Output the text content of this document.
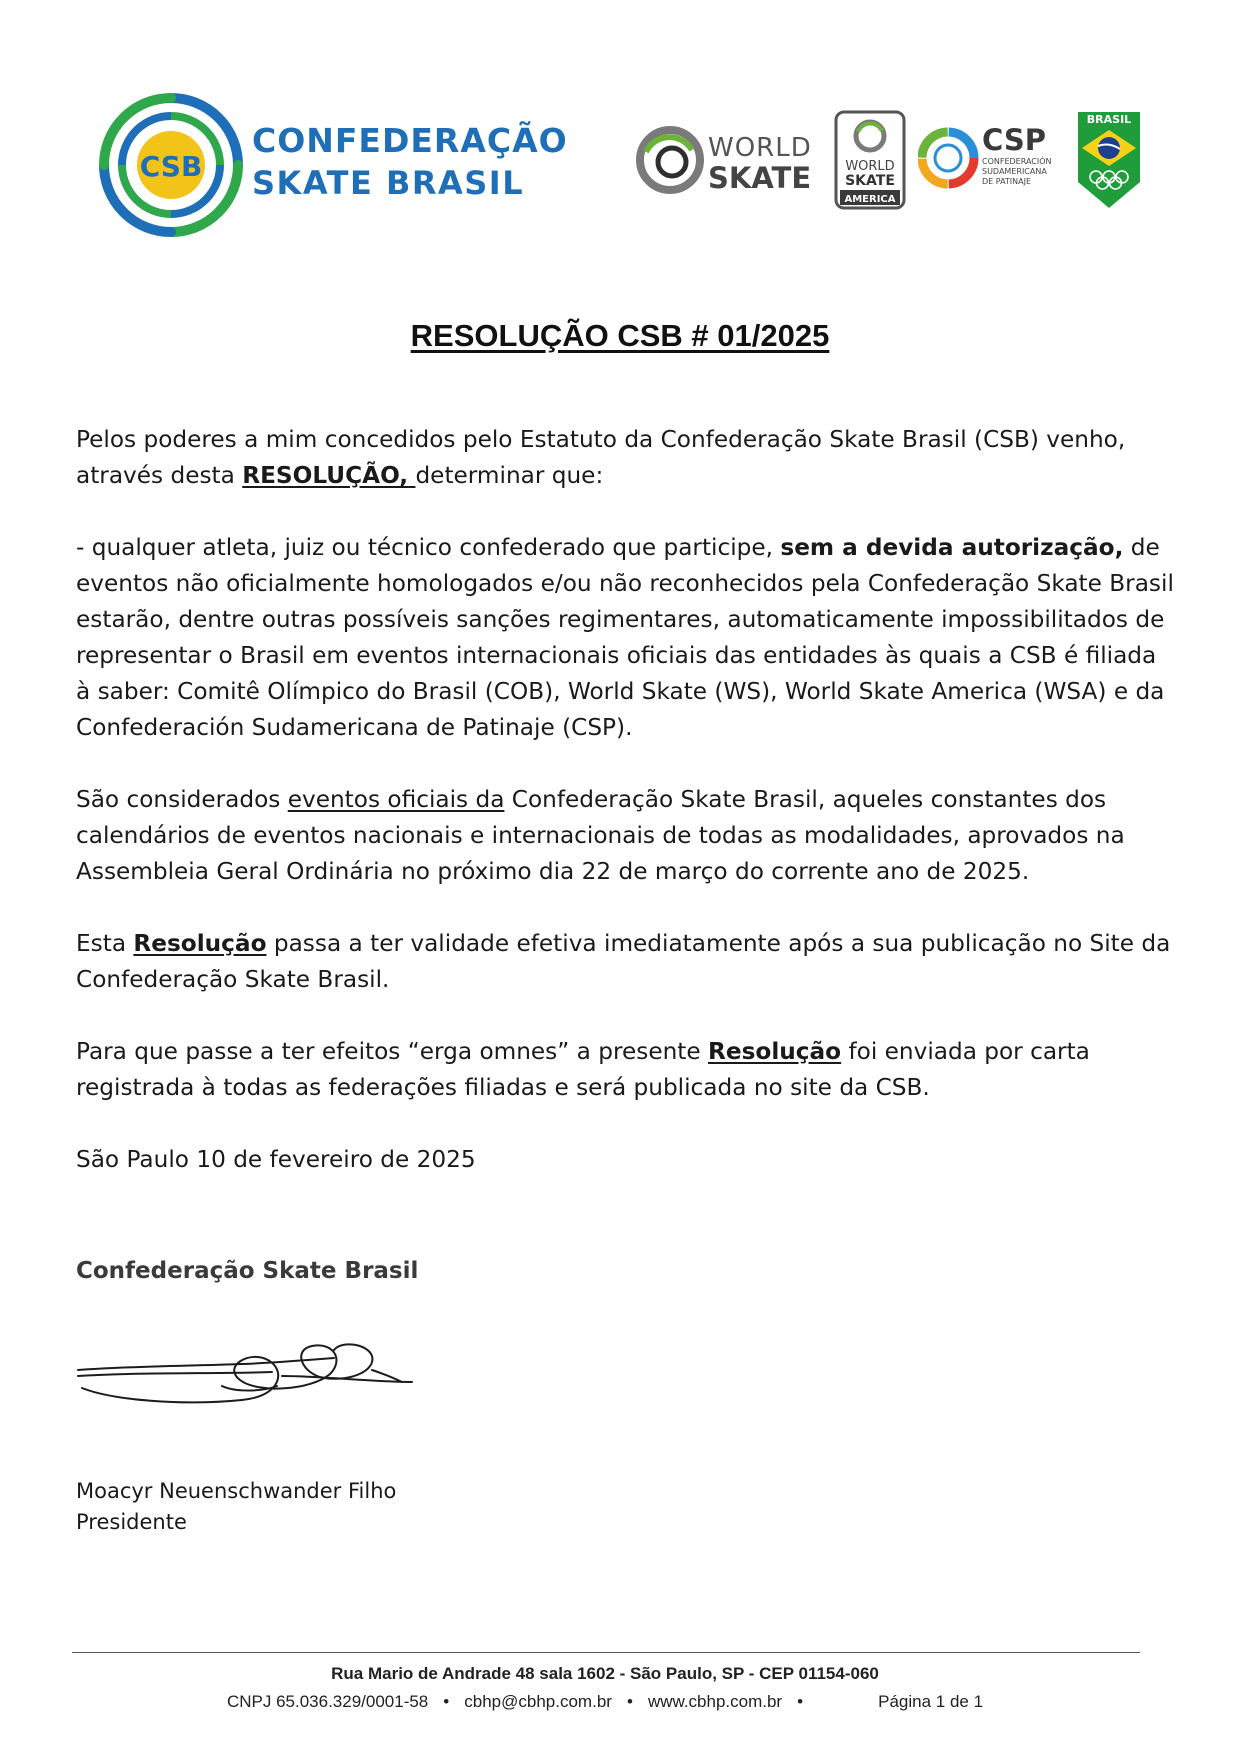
CSB
CONFEDERAÇÃO
SKATE BRASIL
WORLD
SKATE	WORLD
SKATE
AMERICA
CSP
CONFEDERACIÓN
SUDAMERICANA
DE PATINAJE
BRASIL
RESOLUÇÃO CSB # 01/2025

Pelos poderes a mim concedidos pelo Estatuto da Confederação Skate Brasil (CSB) venho, através desta RESOLUÇÃO, determinar que:

- qualquer atleta, juiz ou técnico confederado que participe, sem a devida autorização, de eventos não oficialmente homologados e/ou não reconhecidos pela Confederação Skate Brasil estarão, dentre outras possíveis sanções regimentares, automaticamente impossibilitados de representar o Brasil em eventos internacionais oficiais das entidades às quais a CSB é filiada à saber: Comitê Olímpico do Brasil (COB), World Skate (WS), World Skate America (WSA) e da Confederación Sudamericana de Patinaje (CSP).

São considerados eventos oficiais da Confederação Skate Brasil, aqueles constantes dos calendários de eventos nacionais e internacionais de todas as modalidades, aprovados na Assembleia Geral Ordinária no próximo dia 22 de março do corrente ano de 2025.

Esta Resolução passa a ter validade efetiva imediatamente após a sua publicação no Site da Confederação Skate Brasil.

Para que passe a ter efeitos “erga omnes” a presente Resolução foi enviada por carta registrada à todas as federações filiadas e será publicada no site da CSB.

São Paulo 10 de fevereiro de 2025

Confederação Skate Brasil
Moacyr Neuenschwander Filho
Presidente
Rua Mario de Andrade 48 sala 1602 - São Paulo, SP - CEP 01154-060
CNPJ 65.036.329/0001-58 • cbhp@cbhp.com.br • www.cbhp.com.br •	Página 1 de 1
